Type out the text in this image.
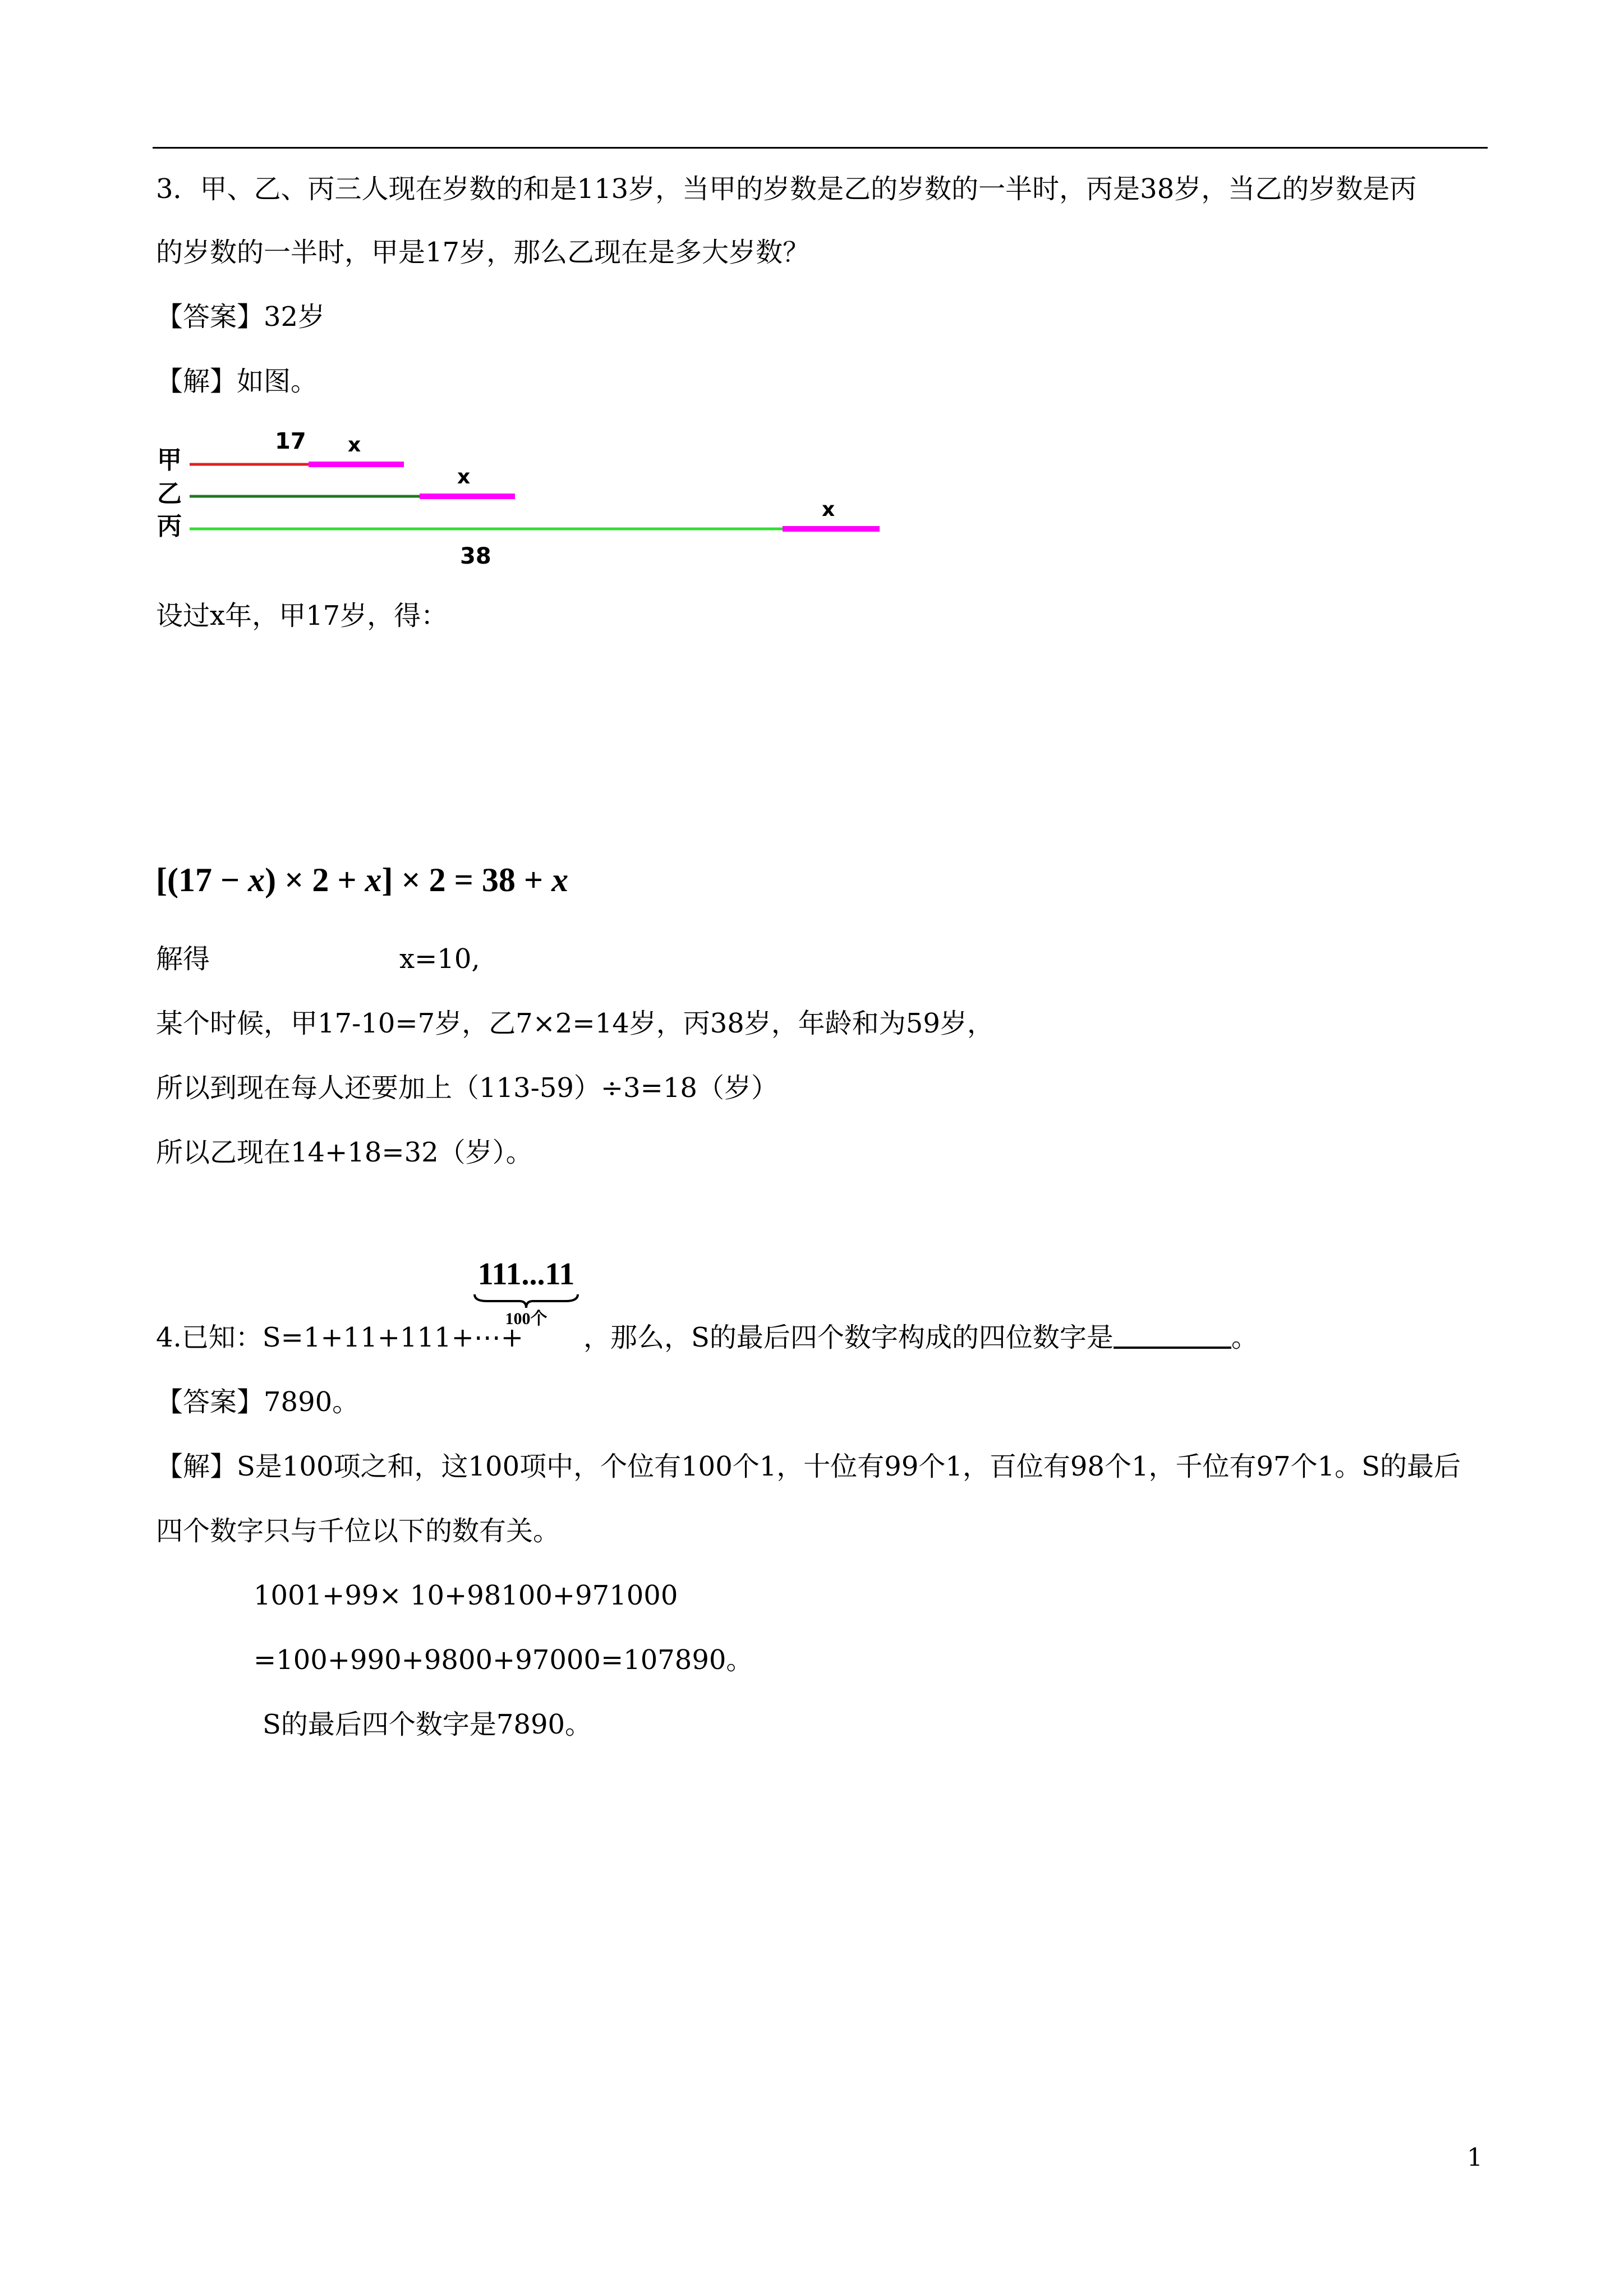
3．甲、乙、丙三人现在岁数的和是113岁，当甲的岁数是乙的岁数的一半时，丙是38岁，当乙的岁数是丙
的岁数的一半时，甲是17岁，那么乙现在是多大岁数？
【答案】32岁
【解】如图。
甲
乙
丙
17 x
x
x
38
设过x年，甲17岁，得：
[(17 − x) × 2 + x] × 2 = 38 + x
解得	x=10,
某个时候，甲17-10=7岁，乙7×2=14岁，丙38岁，年龄和为59岁，
所以到现在每人还要加上（113-59）÷3=18（岁）
所以乙现在14+18=32（岁）。
4.已知：S=1+11+111+⋯+
111...11
100个
，那么，S的最后四个数字构成的四位数字是	。
【答案】7890。
【解】S是100项之和，这100项中，个位有100个1，十位有99个1，百位有98个1，千位有97个1。S的最后
四个数字只与千位以下的数有关。
1001+99× 10+98100+971000
=100+990+9800+97000=107890。
S的最后四个数字是7890。
1
